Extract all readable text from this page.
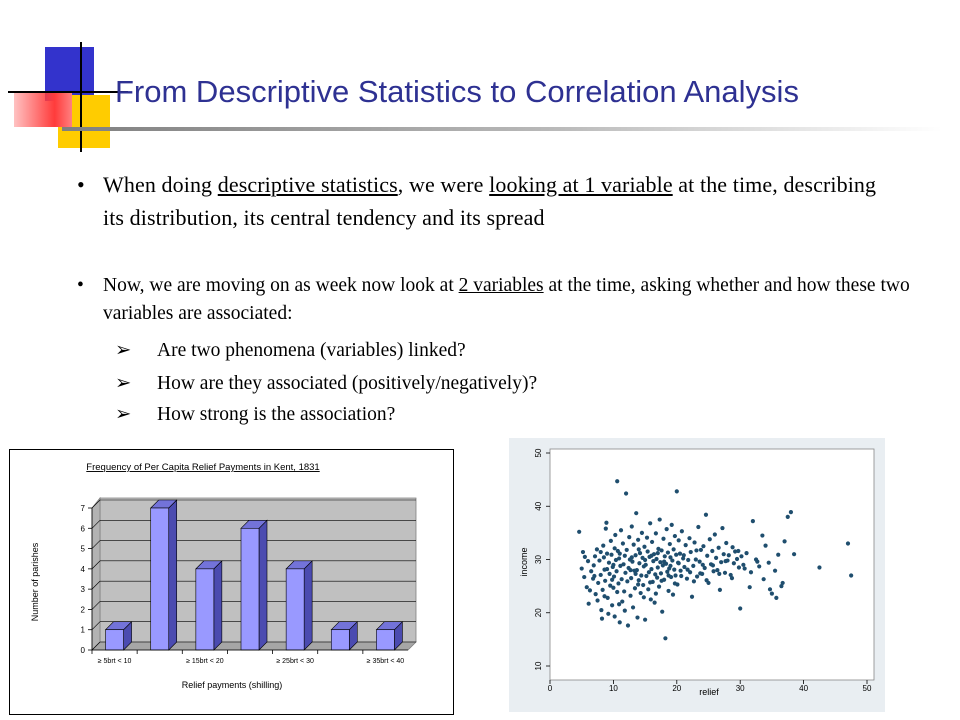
From Descriptive Statistics to Correlation Analysis
• When doing descriptive statistics, we were looking at 1 variable at the time, describing its distribution, its central tendency and its spread
• Now, we are moving on as week now look at 2 variables at the time, asking whether and how these two variables are associated:
➢ Are two phenomena (variables) linked?
➢ How are they associated (positively/negatively)?
➢ How strong is the association?
0
1
2
3
4
5
6
7
≥ 5brt < 10	≥ 15brt < 20	≥ 25brt < 30	≥ 35brt < 40
Frequency of Per Capita Relief Payments in Kent, 1831
Relief payments (shilling)
Number of parishes
0	10	20	30	40	50
10
20
30
40
50
relief
income
